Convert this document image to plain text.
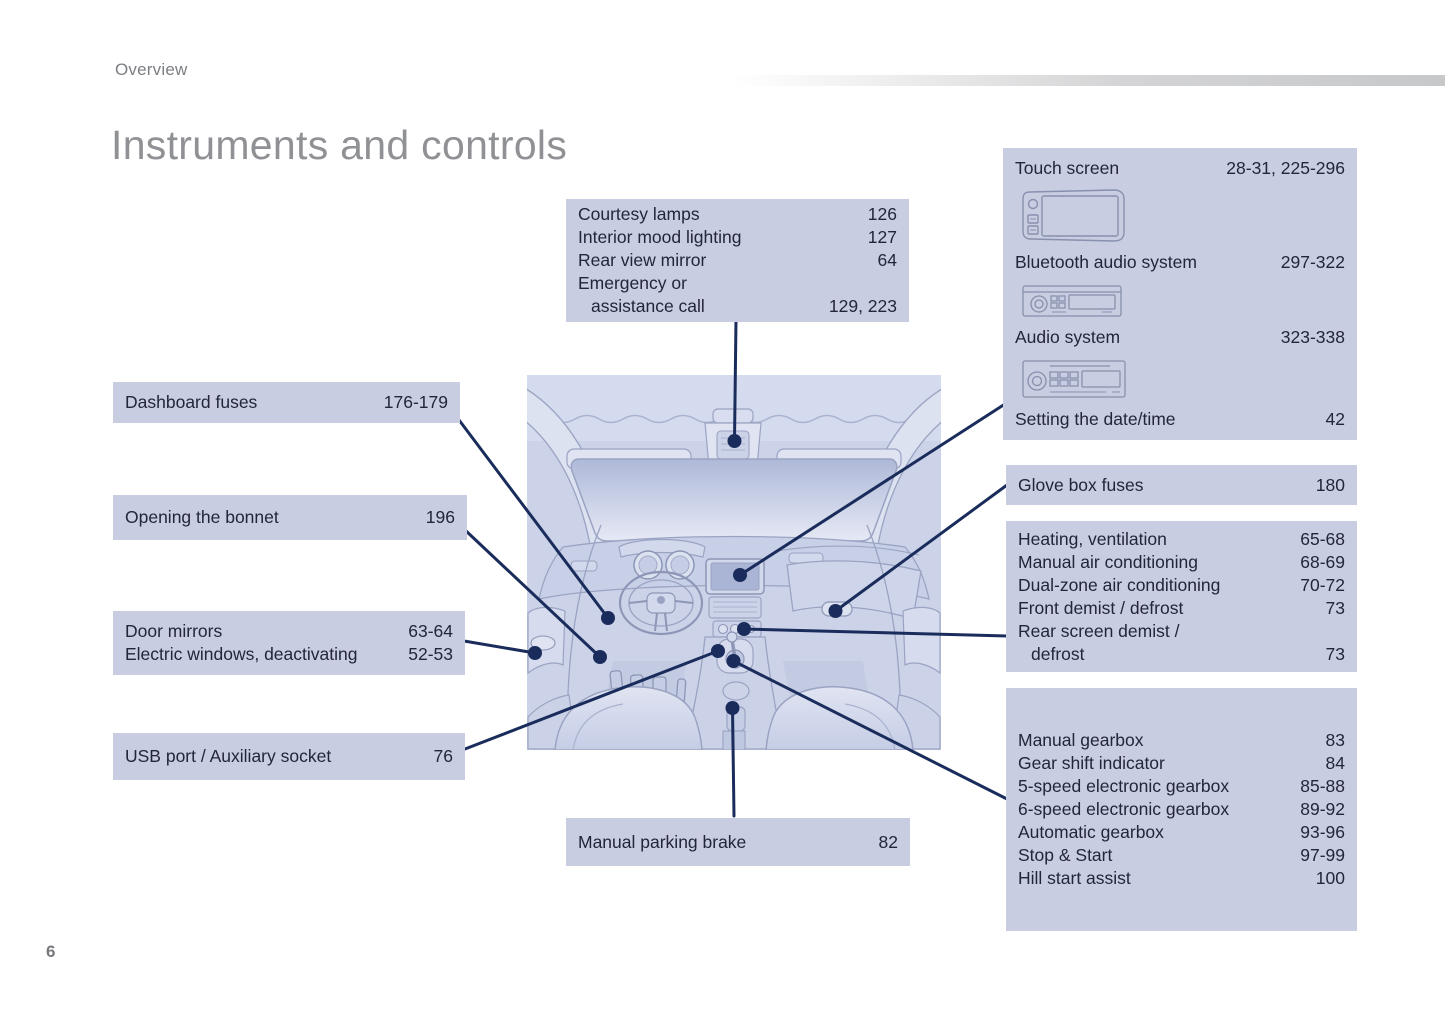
Overview
Instruments and controls
6
Courtesy lamps	126
Interior mood lighting	127
Rear view mirror	64
Emergency or
assistance call	129, 223
Touch screen	28-31, 225-296
Bluetooth audio system	297-322
Audio system	323-338
Setting the date/time	42
Glove box fuses	180
Heating, ventilation	65-68
Manual air conditioning	68-69
Dual-zone air conditioning	70-72
Front demist / defrost	73
Rear screen demist /
defrost	73
Manual gearbox	83
Gear shift indicator	84
5-speed electronic gearbox	85-88
6-speed electronic gearbox	89-92
Automatic gearbox	93-96
Stop & Start	97-99
Hill start assist	100
Dashboard fuses	176-179
Opening the bonnet	196
Door mirrors	63-64
Electric windows, deactivating	52-53
USB port / Auxiliary socket	76
Manual parking brake	82
